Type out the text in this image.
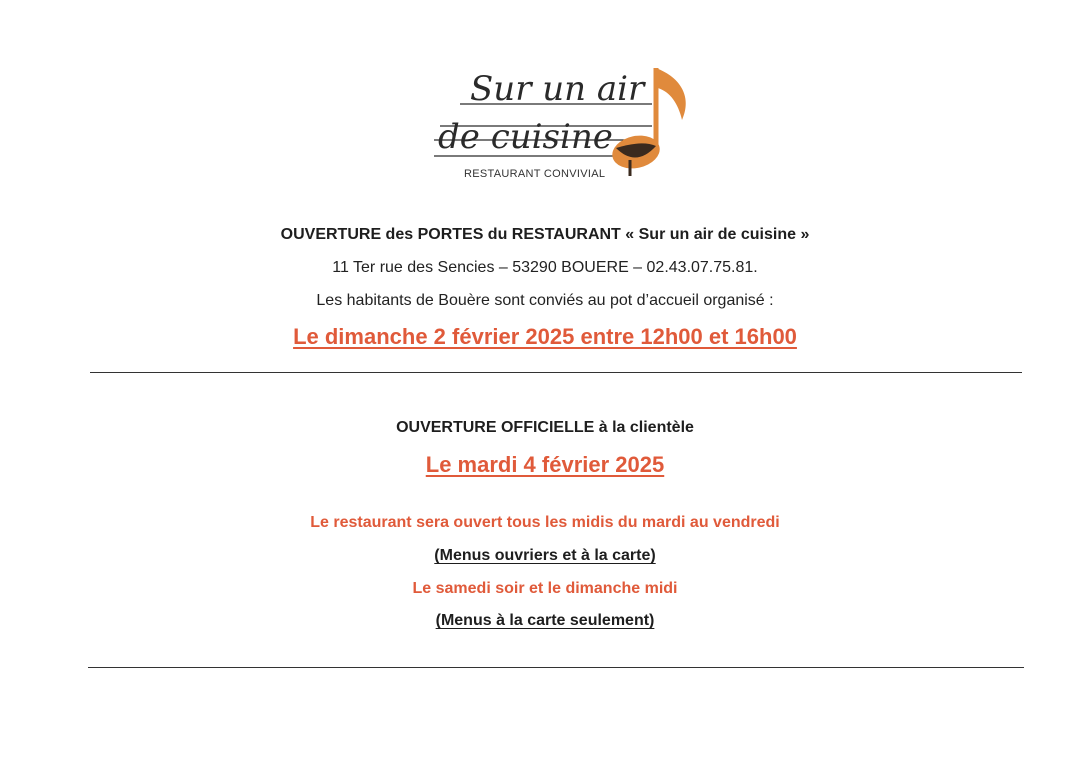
Sur un air
de cuisine
RESTAURANT CONVIVIAL
OUVERTURE des PORTES du RESTAURANT « Sur un air de cuisine »
11 Ter rue des Sencies – 53290 BOUERE – 02.43.07.75.81.
Les habitants de Bouère sont conviés au pot d’accueil organisé :
Le dimanche 2 février 2025 entre 12h00 et 16h00
OUVERTURE OFFICIELLE à la clientèle
Le mardi 4 février 2025
Le restaurant sera ouvert tous les midis du mardi au vendredi
(Menus ouvriers et à la carte)
Le samedi soir et le dimanche midi
(Menus à la carte seulement)
